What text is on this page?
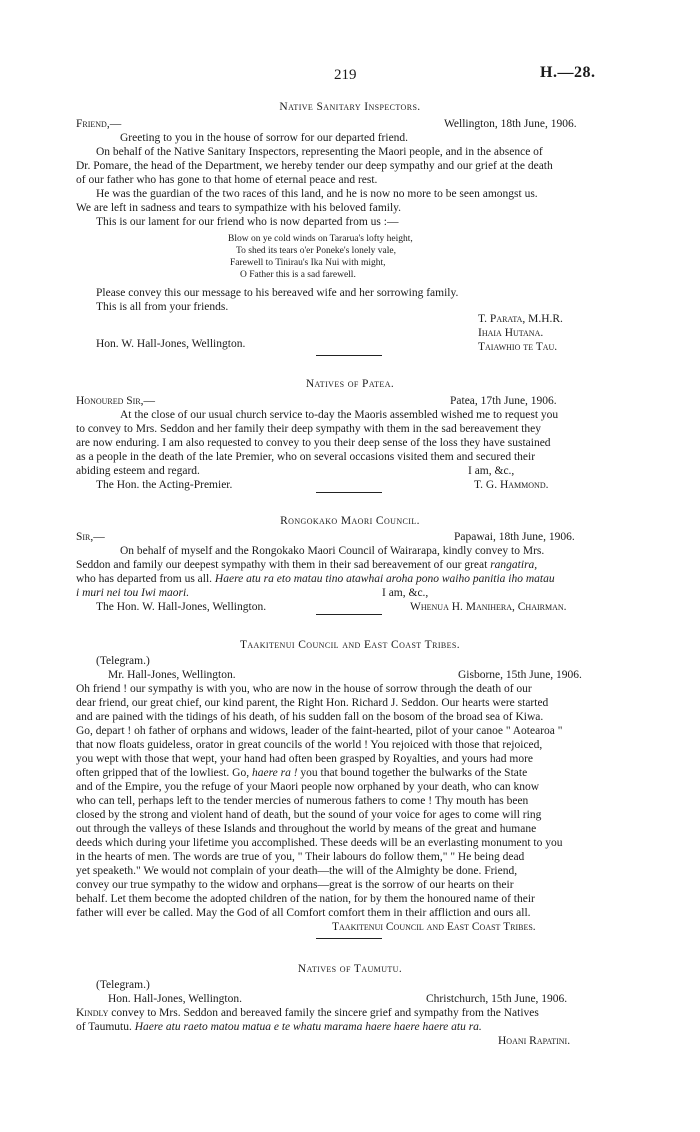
219	H.—28.
Native Sanitary Inspectors.
Friend,—	Wellington, 18th June, 1906.
Greeting to you in the house of sorrow for our departed friend.
On behalf of the Native Sanitary Inspectors, representing the Maori people, and in the absence of
Dr. Pomare, the head of the Department, we hereby tender our deep sympathy and our grief at the death
of our father who has gone to that home of eternal peace and rest.
He was the guardian of the two races of this land, and he is now no more to be seen amongst us.
We are left in sadness and tears to sympathize with his beloved family.
This is our lament for our friend who is now departed from us :—
Blow on ye cold winds on Tararua's lofty height,
To shed its tears o'er Poneke's lonely vale,
Farewell to Tinirau's Ika Nui with might,
O Father this is a sad farewell.
Please convey this our message to his bereaved wife and her sorrowing family.
This is all from your friends.
T. Parata, M.H.R.
Ihaia Hutana.
Taiawhio te Tau.
Hon. W. Hall-Jones, Wellington.
Natives of Patea.
Honoured Sir,—	Patea, 17th June, 1906.
At the close of our usual church service to-day the Maoris assembled wished me to request you
to convey to Mrs. Seddon and her family their deep sympathy with them in the sad bereavement they
are now enduring. I am also requested to convey to you their deep sense of the loss they have sustained
as a people in the death of the late Premier, who on several occasions visited them and secured their
abiding esteem and regard.	I am, &c.,
The Hon. the Acting-Premier.	T. G. Hammond.
Rongokako Maori Council.
Sir,—	Papawai, 18th June, 1906.
On behalf of myself and the Rongokako Maori Council of Wairarapa, kindly convey to Mrs.
Seddon and family our deepest sympathy with them in their sad bereavement of our great rangatira,
who has departed from us all. Haere atu ra eto matau tino atawhai aroha pono waiho panitia iho matau
i muri nei tou Iwi maori.	I am, &c.,
The Hon. W. Hall-Jones, Wellington.	Whenua H. Manihera, Chairman.
Taakitenui Council and East Coast Tribes.
(Telegram.)
Mr. Hall-Jones, Wellington.	Gisborne, 15th June, 1906.
Oh friend ! our sympathy is with you, who are now in the house of sorrow through the death of our
dear friend, our great chief, our kind parent, the Right Hon. Richard J. Seddon. Our hearts were started
and are pained with the tidings of his death, of his sudden fall on the bosom of the broad sea of Kiwa.
Go, depart ! oh father of orphans and widows, leader of the faint-hearted, pilot of your canoe " Aotearoa "
that now floats guideless, orator in great councils of the world ! You rejoiced with those that rejoiced,
you wept with those that wept, your hand had often been grasped by Royalties, and yours had more
often gripped that of the lowliest. Go, haere ra ! you that bound together the bulwarks of the State
and of the Empire, you the refuge of your Maori people now orphaned by your death, who can know
who can tell, perhaps left to the tender mercies of numerous fathers to come ! Thy mouth has been
closed by the strong and violent hand of death, but the sound of your voice for ages to come will ring
out through the valleys of these Islands and throughout the world by means of the great and humane
deeds which during your lifetime you accomplished. These deeds will be an everlasting monument to you
in the hearts of men. The words are true of you, " Their labours do follow them," " He being dead
yet speaketh." We would not complain of your death—the will of the Almighty be done. Friend,
convey our true sympathy to the widow and orphans—great is the sorrow of our hearts on their
behalf. Let them become the adopted children of the nation, for by them the honoured name of their
father will ever be called. May the God of all Comfort comfort them in their affliction and ours all.
Taakitenui Council and East Coast Tribes.
Natives of Taumutu.
(Telegram.)
Hon. Hall-Jones, Wellington.	Christchurch, 15th June, 1906.
Kindly convey to Mrs. Seddon and bereaved family the sincere grief and sympathy from the Natives
of Taumutu. Haere atu raeto matou matua e te whatu marama haere haere haere atu ra.
Hoani Rapatini.
